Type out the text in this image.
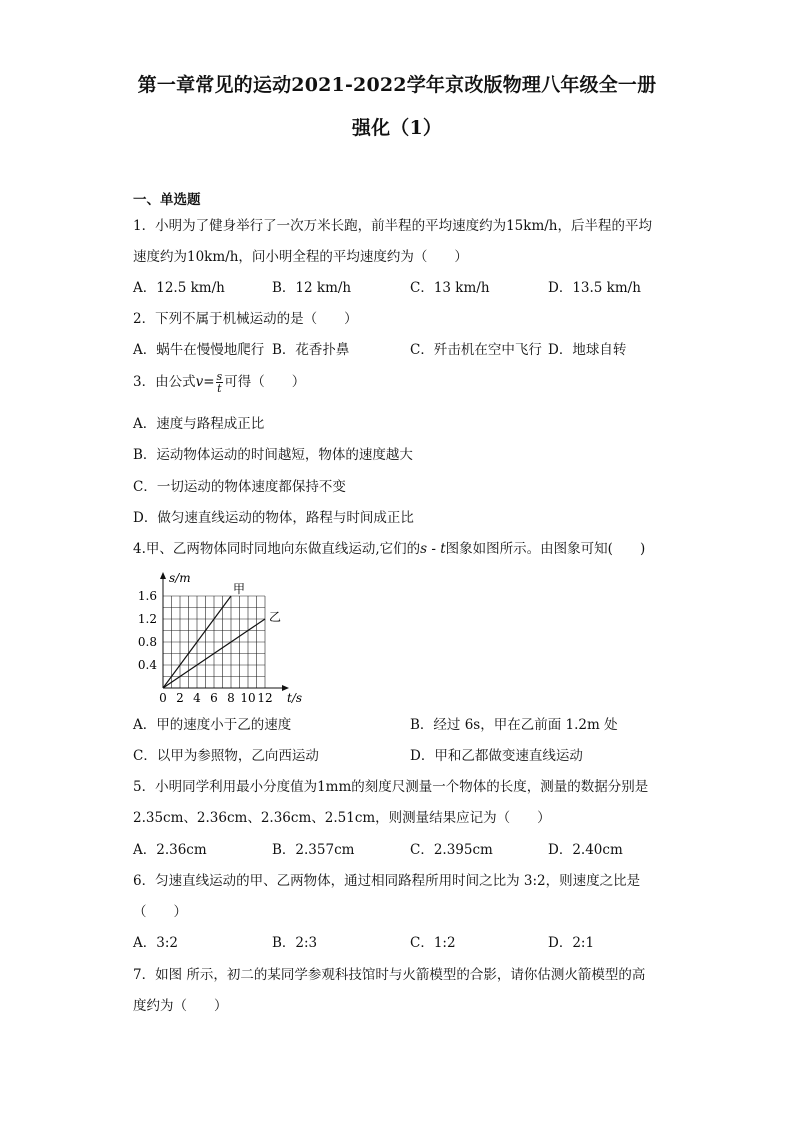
第一章常见的运动2021-2022学年京改版物理八年级全一册
强化（1）
一、单选题
1．小明为了健身举行了一次万米长跑，前半程的平均速度约为15km/h，后半程的平均
速度约为10km/h，问小明全程的平均速度约为（　　）
A．12.5 km/h	B．12 km/h	C．13 km/h	D．13.5 km/h
2．下列不属于机械运动的是（　　）
A．蜗牛在慢慢地爬行 B．花香扑鼻	C．歼击机在空中飞行 D．地球自转
3．由公式$v= \frac{s}{t}$ 可得（　　）
A．速度与路程成正比
B．运动物体运动的时间越短，物体的速度越大
C．一切运动的物体速度都保持不变
D．做匀速直线运动的物体，路程与时间成正比
4.甲、乙两物体同时同地向东做直线运动,它们的s - t图象如图所示。由图象可知(　　)
0 2 4 6 8 10 12
0.4
0.8
1.2
1.6	甲
乙
t/s
s/m
A．甲的速度小于乙的速度	B．经过 6s，甲在乙前面 1.2m 处
C．以甲为参照物，乙向西运动	D．甲和乙都做变速直线运动
5．小明同学利用最小分度值为1mm的刻度尺测量一个物体的长度，测量的数据分别是
2.35cm、2.36cm、2.36cm、2.51cm，则测量结果应记为（　　）
A．2.36cm	B．2.357cm	C．2.395cm	D．2.40cm
6．匀速直线运动的甲、乙两物体，通过相同路程所用时间之比为 3:2，则速度之比是
（　　）
A．3:2	B．2:3	C．1:2	D．2:1
7．如图 所示，初二的某同学参观科技馆时与火箭模型的合影，请你估测火箭模型的高
度约为（　　）
